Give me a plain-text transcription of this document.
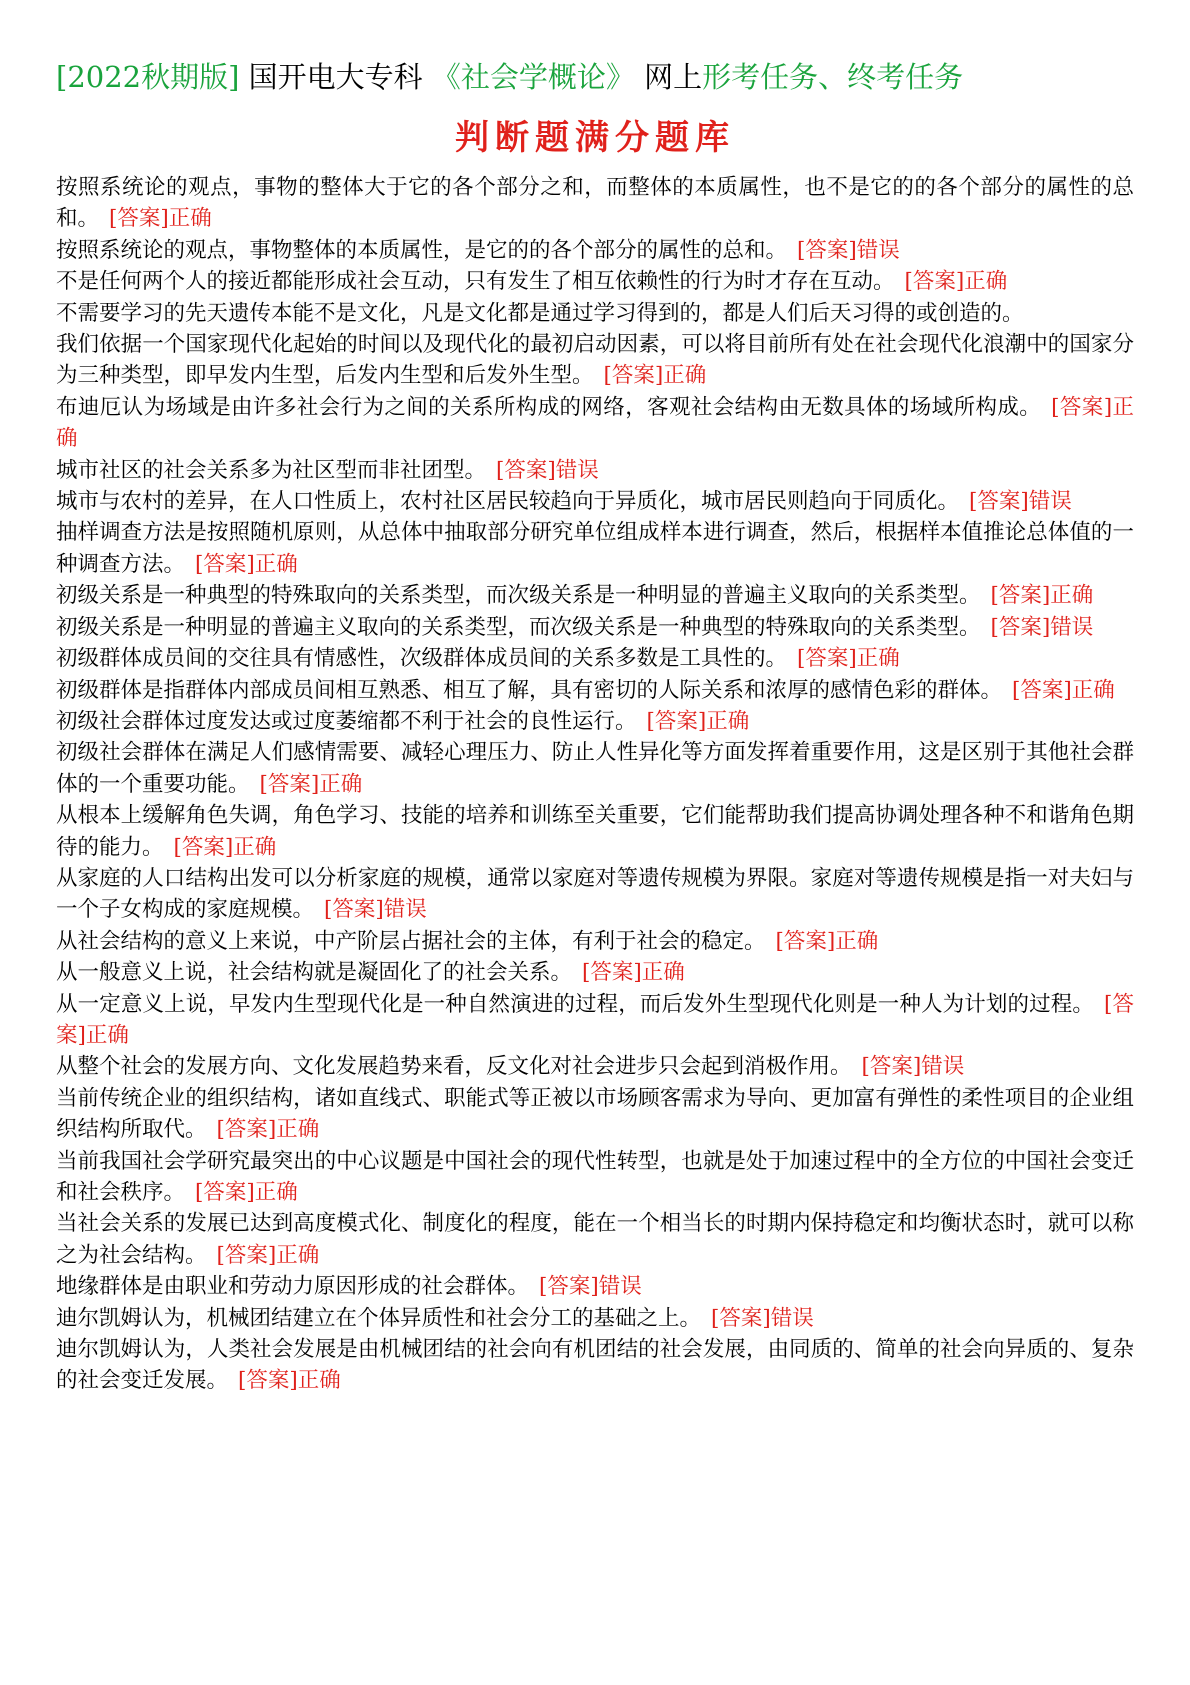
[2022秋期版] 国开电大专科 《社会学概论》 网上形考任务、终考任务

判断题满分题库

按照系统论的观点，事物的整体大于它的各个部分之和，而整体的本质属性，也不是它的的各个部分的属性的总和。 [答案]正确

按照系统论的观点，事物整体的本质属性，是它的的各个部分的属性的总和。 [答案]错误

不是任何两个人的接近都能形成社会互动，只有发生了相互依赖性的行为时才存在互动。 [答案]正确

不需要学习的先天遗传本能不是文化，凡是文化都是通过学习得到的，都是人们后天习得的或创造的。

我们依据一个国家现代化起始的时间以及现代化的最初启动因素，可以将目前所有处在社会现代化浪潮中的国家分为三种类型，即早发内生型，后发内生型和后发外生型。 [答案]正确

布迪厄认为场域是由许多社会行为之间的关系所构成的网络，客观社会结构由无数具体的场域所构成。 [答案]正确

城市社区的社会关系多为社区型而非社团型。 [答案]错误

城市与农村的差异，在人口性质上，农村社区居民较趋向于异质化，城市居民则趋向于同质化。 [答案]错误

抽样调查方法是按照随机原则，从总体中抽取部分研究单位组成样本进行调查，然后，根据样本值推论总体值的一种调查方法。 [答案]正确

初级关系是一种典型的特殊取向的关系类型，而次级关系是一种明显的普遍主义取向的关系类型。 [答案]正确

初级关系是一种明显的普遍主义取向的关系类型，而次级关系是一种典型的特殊取向的关系类型。 [答案]错误

初级群体成员间的交往具有情感性，次级群体成员间的关系多数是工具性的。 [答案]正确

初级群体是指群体内部成员间相互熟悉、相互了解，具有密切的人际关系和浓厚的感情色彩的群体。 [答案]正确

初级社会群体过度发达或过度萎缩都不利于社会的良性运行。 [答案]正确

初级社会群体在满足人们感情需要、减轻心理压力、防止人性异化等方面发挥着重要作用，这是区别于其他社会群体的一个重要功能。 [答案]正确

从根本上缓解角色失调，角色学习、技能的培养和训练至关重要，它们能帮助我们提高协调处理各种不和谐角色期待的能力。 [答案]正确

从家庭的人口结构出发可以分析家庭的规模，通常以家庭对等遗传规模为界限。家庭对等遗传规模是指一对夫妇与一个子女构成的家庭规模。 [答案]错误

从社会结构的意义上来说，中产阶层占据社会的主体，有利于社会的稳定。 [答案]正确

从一般意义上说，社会结构就是凝固化了的社会关系。 [答案]正确

从一定意义上说，早发内生型现代化是一种自然演进的过程，而后发外生型现代化则是一种人为计划的过程。 [答案]正确

从整个社会的发展方向、文化发展趋势来看，反文化对社会进步只会起到消极作用。 [答案]错误

当前传统企业的组织结构，诸如直线式、职能式等正被以市场顾客需求为导向、更加富有弹性的柔性项目的企业组织结构所取代。 [答案]正确

当前我国社会学研究最突出的中心议题是中国社会的现代性转型，也就是处于加速过程中的全方位的中国社会变迁和社会秩序。 [答案]正确

当社会关系的发展已达到高度模式化、制度化的程度，能在一个相当长的时期内保持稳定和均衡状态时，就可以称之为社会结构。 [答案]正确

地缘群体是由职业和劳动力原因形成的社会群体。 [答案]错误

迪尔凯姆认为，机械团结建立在个体异质性和社会分工的基础之上。 [答案]错误

迪尔凯姆认为，人类社会发展是由机械团结的社会向有机团结的社会发展，由同质的、简单的社会向异质的、复杂的社会变迁发展。 [答案]正确
